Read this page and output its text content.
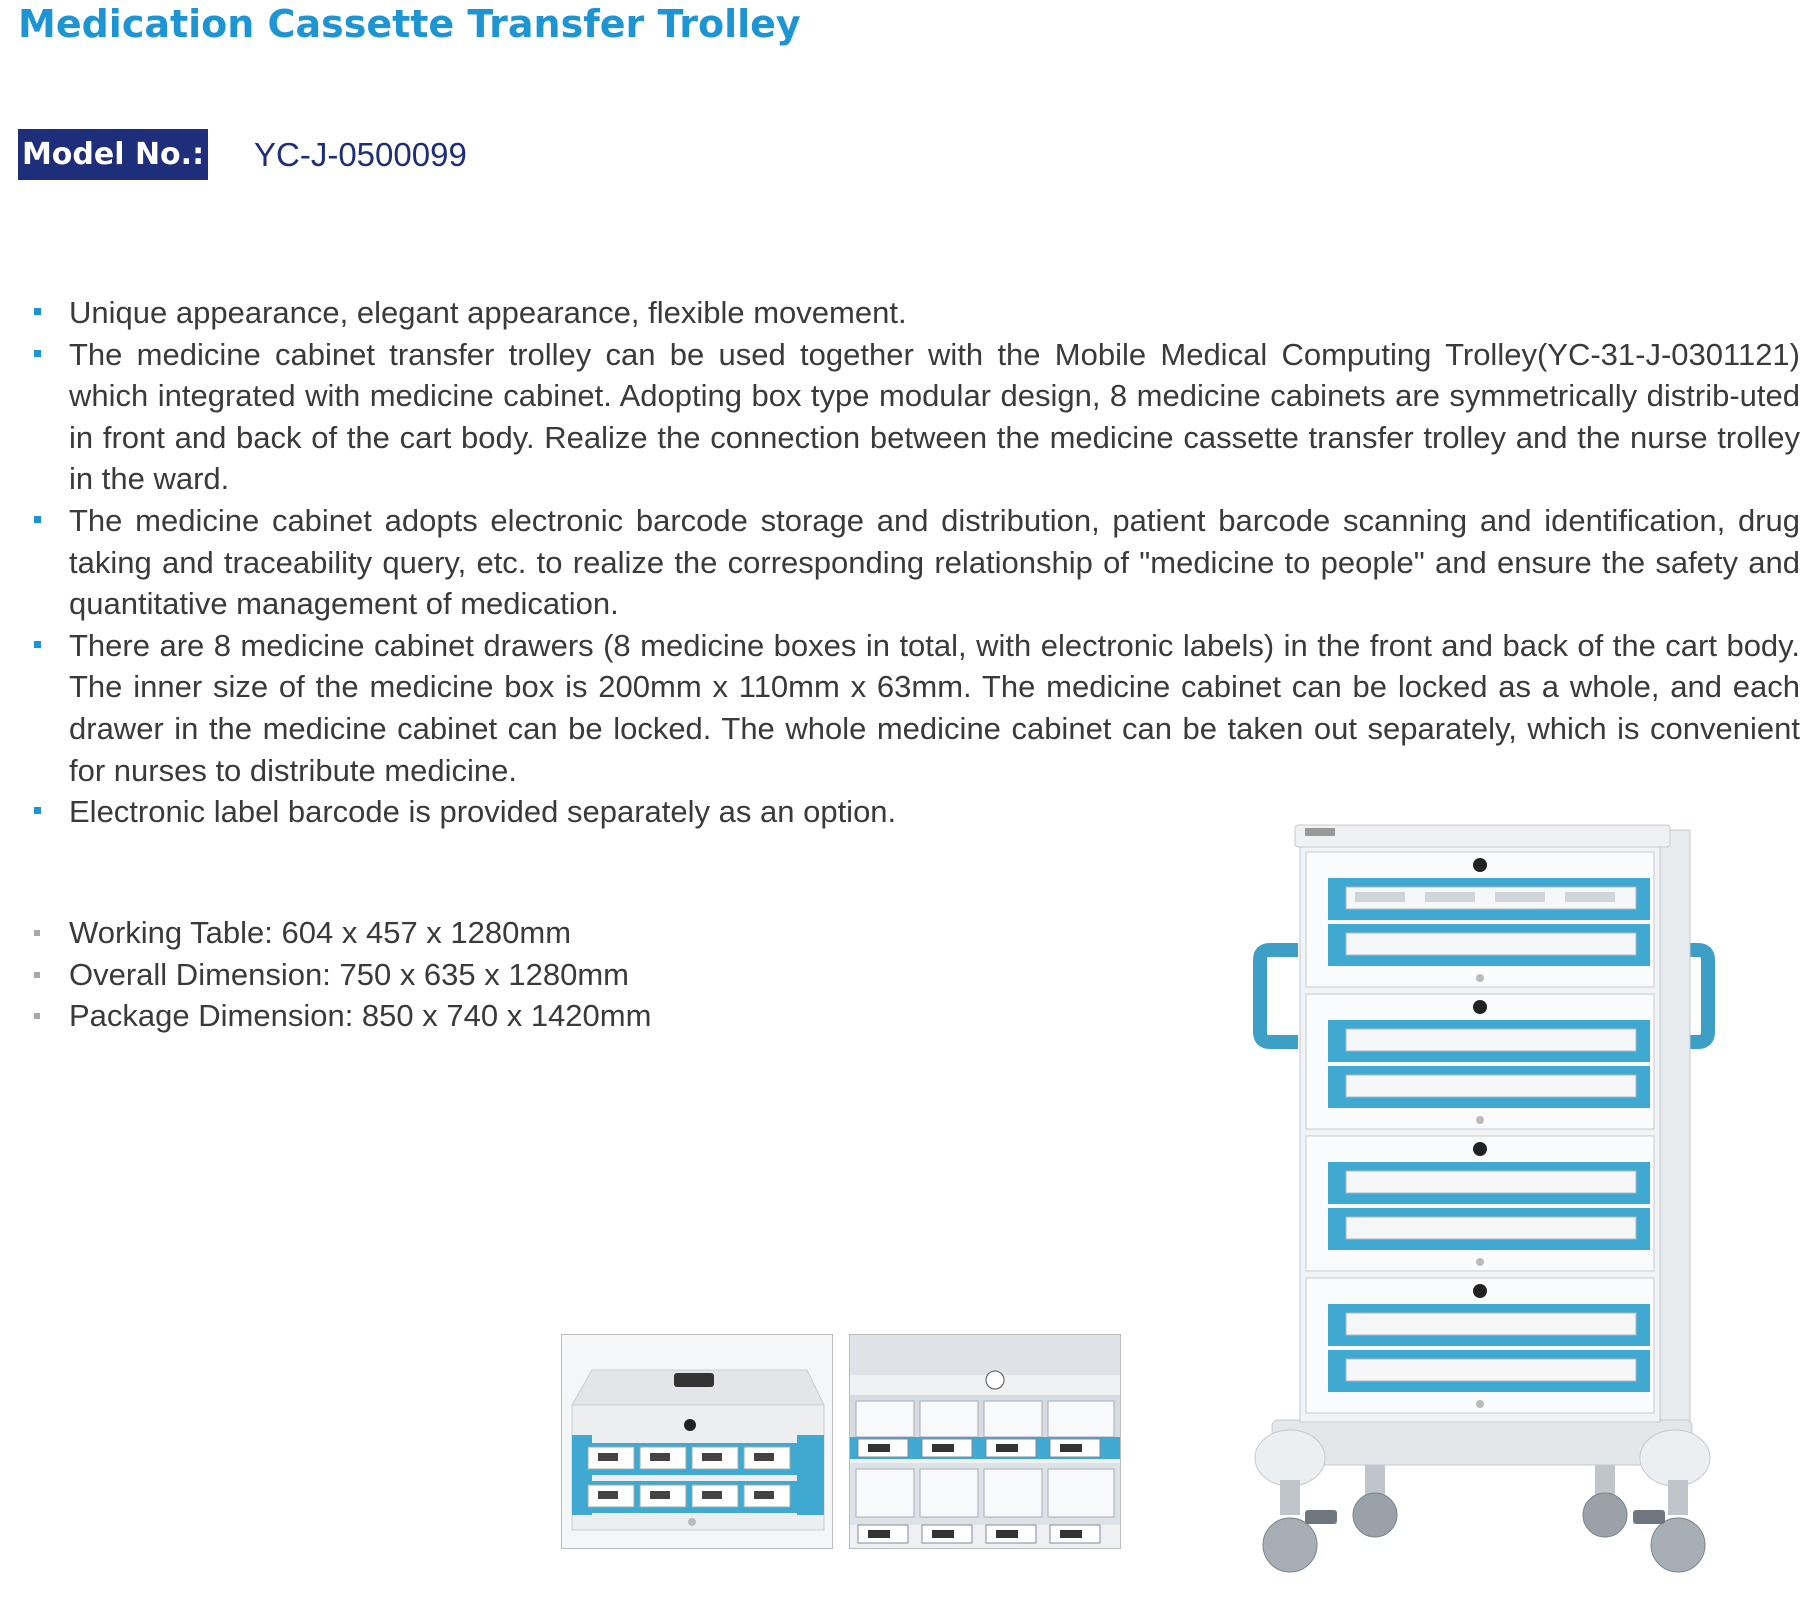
Medication Cassette Transfer Trolley
Model No.: YC-J-0500099
Unique appearance, elegant appearance, flexible movement.
The medicine cabinet transfer trolley can be used together with the Mobile Medical Computing Trolley(YC-31-J-0301121) which integrated with medicine cabinet. Adopting box type modular design, 8 medicine cabinets are symmetrically distrib-uted in front and back of the cart body. Realize the connection between the medicine cassette transfer trolley and the nurse trolley in the ward.
The medicine cabinet adopts electronic barcode storage and distribution, patient barcode scanning and identification, drug taking and traceability query, etc. to realize the corresponding relationship of "medicine to people" and ensure the safety and quantitative management of medication.
There are 8 medicine cabinet drawers (8 medicine boxes in total, with electronic labels) in the front and back of the cart body. The inner size of the medicine box is 200mm x 110mm x 63mm. The medicine cabinet can be locked as a whole, and each drawer in the medicine cabinet can be locked. The whole medicine cabinet can be taken out separately, which is convenient for nurses to distribute medicine.
Electronic label barcode is provided separately as an option.
Working Table: 604 x 457 x 1280mm
Overall Dimension: 750 x 635 x 1280mm
Package Dimension: 850 x 740 x 1420mm
